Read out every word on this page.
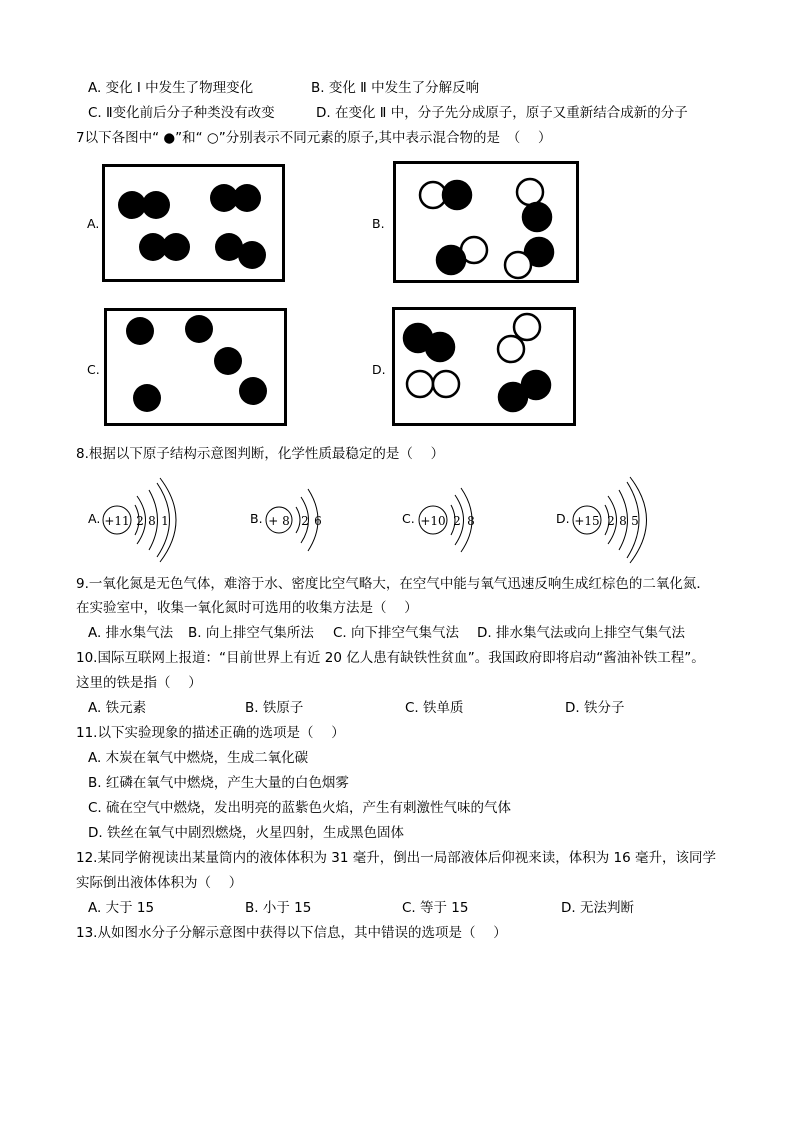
A. 变化 Ⅰ 中发生了物理变化	B. 变化 Ⅱ 中发生了分解反响
C. Ⅱ变化前后分子种类没有改变	D. 在变化 Ⅱ 中，分子先分成原子，原子又重新结合成新的分子
7以下各图中“ ●”和“ ○”分别表示不同元素的原子,其中表示混合物的是　（　 ）
A.	B.
C.	D.
8.根据以下原子结构示意图判断，化学性质最稳定的是（　 ）
A. +11 2 8 1	B. + 8 2 6	C. +10 2 8	D. +15 2 8 5
9.一氧化氮是无色气体，难溶于水、密度比空气略大，在空气中能与氧气迅速反响生成红棕色的二氧化氮．
在实验室中，收集一氧化氮时可选用的收集方法是（　 ）
A. 排水集气法 B. 向上排空气集所法 C. 向下排空气集气法 D. 排水集气法或向上排空气集气法
10.国际互联网上报道：“目前世界上有近 20 亿人患有缺铁性贫血”。我国政府即将启动“酱油补铁工程”。
这里的铁是指（　 ）
A. 铁元素	B. 铁原子	C. 铁单质	D. 铁分子
11.以下实验现象的描述正确的选项是（　 ）
A. 木炭在氧气中燃烧，生成二氧化碳
B. 红磷在氧气中燃烧，产生大量的白色烟雾
C. 硫在空气中燃烧，发出明亮的蓝紫色火焰，产生有刺激性气味的气体
D. 铁丝在氧气中剧烈燃烧，火星四射，生成黑色固体
12.某同学俯视读出某量筒内的液体体积为 31 毫升，倒出一局部液体后仰视来读，体积为 16 毫升，该同学
实际倒出液体体积为（　 ）
A. 大于 15	B. 小于 15	C. 等于 15	D. 无法判断
13.从如图水分子分解示意图中获得以下信息，其中错误的选项是（　 ）
